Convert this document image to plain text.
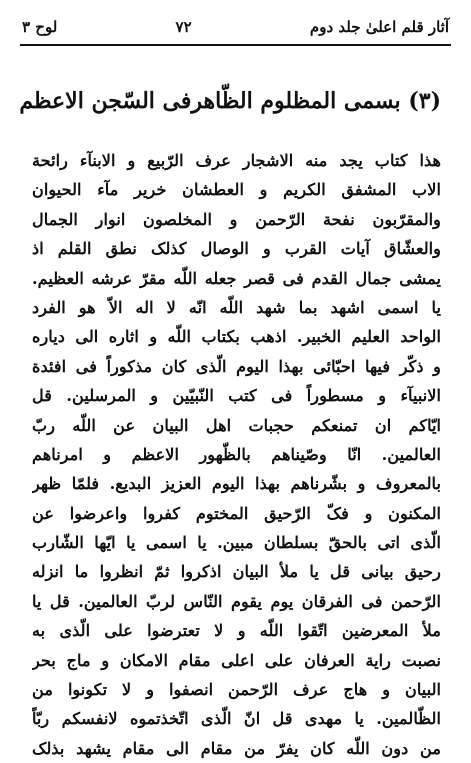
لوح ۳	۷۲	آثار قلم اعلیٰ جلد دوم
(۳) بسمی المظلوم الظّاهرفی السّجن الاعظم
هذا کتاب یجد منه الاشجار عرف الرّبیع و الابنآء رائحة
الاب المشفق الکریم و العطشان خریر مآء الحیوان
والمقرّبون نفحة الرّحمن و المخلصون انوار الجمال
والعشّاق آیات القرب و الوصال کذلک نطق القلم اذ
یمشی جمال القدم فی قصر جعله اللّه مقرّ عرشه العظیم.
یا اسمی اشهد بما شهد اللّه انّه لا اله الاّ هو الفرد
الواحد العلیم الخبیر. اذهب بکتاب اللّه و اثاره الی دیاره
و ذکّر فیها احبّائی بهذا الیوم الّذی کان مذکوراً فی افئدة
الانبیآء و مسطوراً فی کتب النّبیّین و المرسلین. قل
ایّاکم ان تمنعکم حجبات اهل البیان عن اللّه ربّ
العالمین. انّا وصّیناهم بالظّهور الاعظم و امرناهم
بالمعروف و بشّرناهم بهذا الیوم العزیز البدیع. فلمّا ظهر
المکنون و فکّ الرّحیق المختوم کفروا واعرضوا عن
الّذی اتی بالحقّ بسلطان مبین. یا اسمی یا ایّها الشّارب
رحیق بیانی قل یا ملأ البیان اذکروا ثمّ انظروا ما انزله
الرّحمن فی الفرقان یوم یقوم النّاس لربّ العالمین. قل یا
ملأ المعرضین اتّقوا اللّه و لا تعترضوا علی الّذی به
نصبت رایة العرفان علی اعلی مقام الامکان و ماج بحر
البیان و هاج عرف الرّحمن انصفوا و لا تکونوا من
الظّالمین. یا مهدی قل انّ الّذی اتّخذتموه لانفسکم ربّاً
من دون اللّه کان یفرّ من مقام الی مقام یشهد بذلک
